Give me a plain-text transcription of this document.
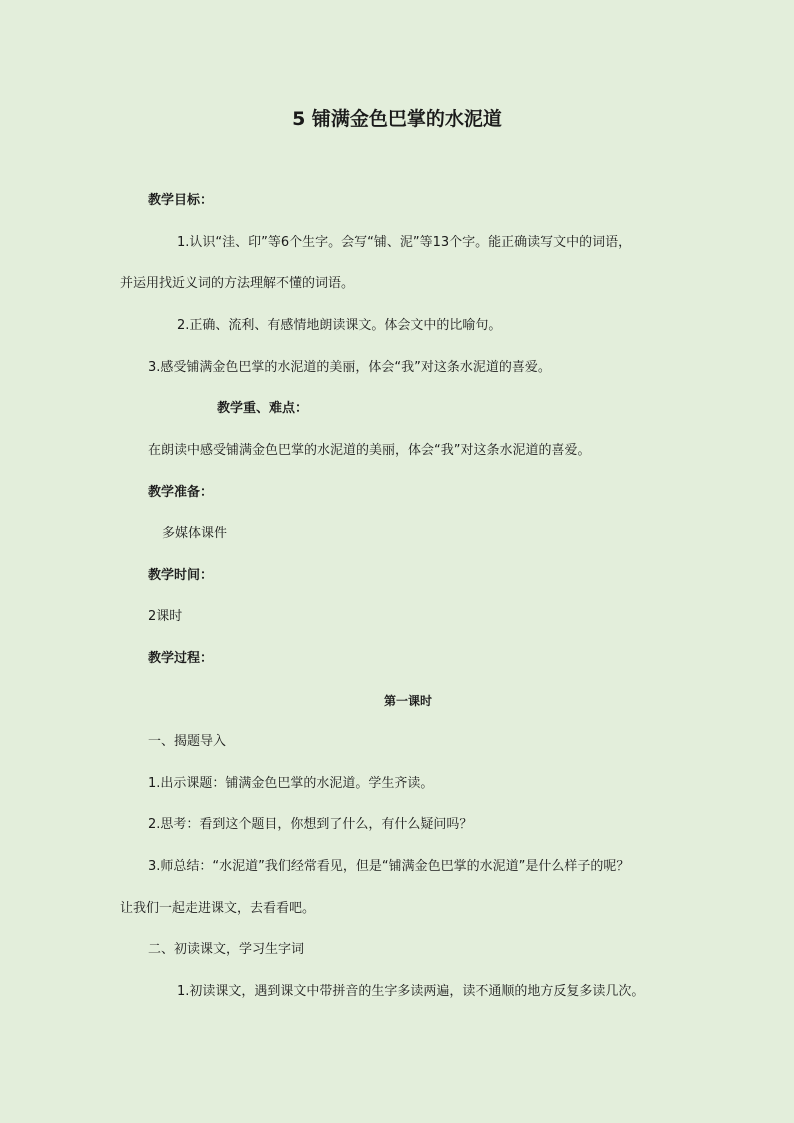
5 铺满金色巴掌的水泥道
教学目标：
1.认识“洼、印”等6个生字。会写“铺、泥”等13个字。能正确读写文中的词语，
并运用找近义词的方法理解不懂的词语。
2.正确、流利、有感情地朗读课文。体会文中的比喻句。
3.感受铺满金色巴掌的水泥道的美丽，体会“我”对这条水泥道的喜爱。
教学重、难点：
在朗读中感受铺满金色巴掌的水泥道的美丽，体会“我”对这条水泥道的喜爱。
教学准备：
多媒体课件
教学时间：
2课时
教学过程：
第一课时
一、揭题导入
1.出示课题：铺满金色巴掌的水泥道。学生齐读。
2.思考：看到这个题目，你想到了什么，有什么疑问吗？
3.师总结：“水泥道”我们经常看见，但是“铺满金色巴掌的水泥道”是什么样子的呢？
让我们一起走进课文，去看看吧。
二、初读课文，学习生字词
1.初读课文，遇到课文中带拼音的生字多读两遍，读不通顺的地方反复多读几次。
